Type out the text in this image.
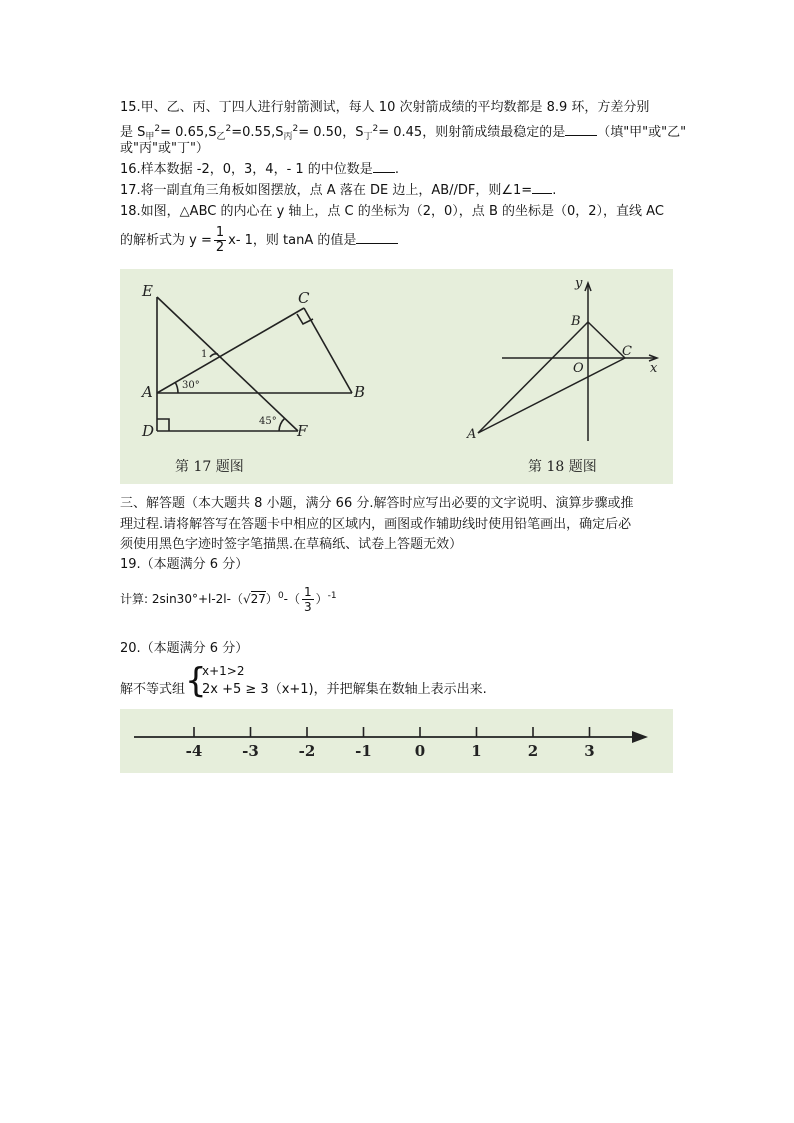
15.甲、乙、丙、丁四人进行射箭测试，每人 10 次射箭成绩的平均数都是 8.9 环，方差分别
是 $S_甲^2= 0.65,S_乙^2=0.55,S_丙^2= 0.50$，$S_丁^2= 0.45$，则射箭成绩最稳定的是 （填"甲"或"乙"
或"丙"或"丁"）
16.样本数据 -2，0，3，4，- 1 的中位数是 .
17.将一副直角三角板如图摆放，点 A 落在 DE 边上，AB//DF，则∠1= .
18.如图，△ABC 的内心在 y 轴上，点 C 的坐标为（2，0），点 B 的坐标是（0，2），直线 AC
的解析式为 $y = \frac{1}{2} x-$ 1，则 tanA 的值是
E	C
A	B
D	F
1
30°
45°
第 17 题图
y
x
B
C
O
A
第 18 题图
三、解答题（本大题共 8 小题，满分 66 分.解答时应写出必要的文字说明、演算步骤或推
理过程.请将解答写在答题卡中相应的区域内，画图或作辅助线时使用铅笔画出，确定后必
须使用黑色字迹时签字笔描黑.在草稿纸、试卷上答题无效）
19.（本题满分 6 分）
计算: $2\sin 30^\circ+l-2l-(√27)^0-( \frac{1}{3} )^{-1}$
20.（本题满分 6 分）
解不等式组 {
x+1>2
2x +5 ≥ 3（x+1)，并把解集在数轴上表示出来.
-4	-3	-2	-1	0	1	2	3
